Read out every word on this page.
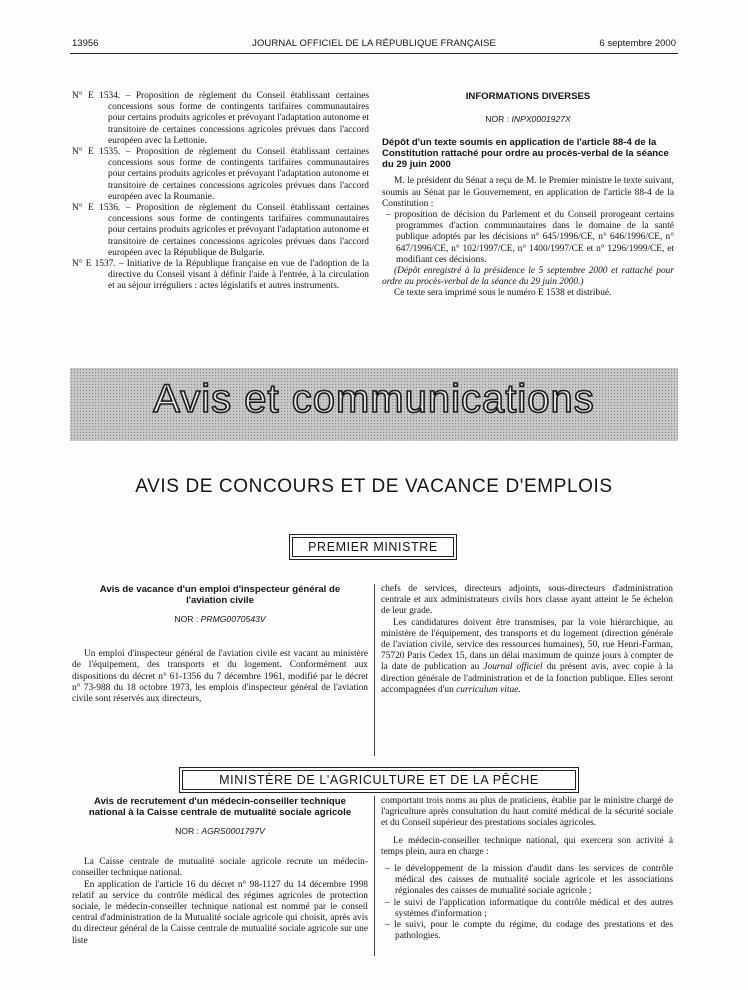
13956	JOURNAL OFFICIEL DE LA RÉPUBLIQUE FRANÇAISE	6 septembre 2000
N° E 1534. – Proposition de règlement du Conseil établissant certaines concessions sous forme de contingents tarifaires communautaires pour certains produits agricoles et prévoyant l'adaptation autonome et transitoire de certaines concessions agricoles prévues dans l'accord européen avec la Lettonie.
N° E 1535. – Proposition de règlement du Conseil établissant certaines concessions sous forme de contingents tarifaires communautaires pour certains produits agricoles et prévoyant l'adaptation autonome et transitoire de certaines concessions agricoles prévues dans l'accord européen avec la Roumanie.
N° E 1536. – Proposition de règlement du Conseil établissant certaines concessions sous forme de contingents tarifaires communautaires pour certains produits agricoles et prévoyant l'adaptation autonome et transitoire de certaines concessions agricoles prévues dans l'accord européen avec la République de Bulgarie.
N° E 1537. – Initiative de la République française en vue de l'adoption de la directive du Conseil visant à définir l'aide à l'entrée, à la circulation et au séjour irréguliers : actes législatifs et autres instruments.
INFORMATIONS DIVERSES
NOR : INPX0001927X
Dépôt d'un texte soumis en application de l'article 88-4 de la Constitution rattaché pour ordre au procès-verbal de la séance du 29 juin 2000
M. le président du Sénat a reçu de M. le Premier ministre le texte suivant, soumis au Sénat par le Gouvernement, en application de l'article 88-4 de la Constitution :
– proposition de décision du Parlement et du Conseil prorogeant certains programmes d'action communautaires dans le domaine de la santé publique adoptés par les décisions n° 645/1996/CE, n° 646/1996/CE, n° 647/1996/CE, n° 102/1997/CE, n° 1400/1997/CE et n° 1296/1999/CE, et modifiant ces décisions.
(Dépôt enregistré à la présidence le 5 septembre 2000 et rattaché pour ordre au procès-verbal de la séance du 29 juin 2000.)
Ce texte sera imprimé sous le numéro E 1538 et distribué.
Avis et communications
AVIS DE CONCOURS ET DE VACANCE D'EMPLOIS
PREMIER MINISTRE
Avis de vacance d'un emploi d'inspecteur général de l'aviation civile
NOR : PRMG0070543V
Un emploi d'inspecteur général de l'aviation civile est vacant au ministère de l'équipement, des transports et du logement. Conformément aux dispositions du décret n° 61-1356 du 7 décembre 1961, modifié par le décret n° 73-988 du 18 octobre 1973, les emplois d'inspecteur général de l'aviation civile sont réservés aux directeurs,
chefs de services, directeurs adjoints, sous-directeurs d'administration centrale et aux administrateurs civils hors classe ayant atteint le 5e échelon de leur grade.
Les candidatures doivent être transmises, par la voie hiérarchique, au ministère de l'équipement, des transports et du logement (direction générale de l'aviation civile, service des ressources humaines), 50, rue Henri-Farman, 75720 Paris Cedex 15, dans un délai maximum de quinze jours à compter de la date de publication au Journal officiel du présent avis, avec copie à la direction générale de l'administration et de la fonction publique. Elles seront accompagnées d'un curriculum vitae.
MINISTÈRE DE L'AGRICULTURE ET DE LA PÊCHE
Avis de recrutement d'un médecin-conseiller technique national à la Caisse centrale de mutualité sociale agricole
NOR : AGRS0001797V
La Caisse centrale de mutualité sociale agricole recrute un médecin-conseiller technique national.
En application de l'article 16 du décret n° 98-1127 du 14 décembre 1998 relatif au service du contrôle médical des régimes agricoles de protection sociale, le médecin-conseiller technique national est nommé par le conseil central d'administration de la Mutualité sociale agricole qui choisit, après avis du directeur général de la Caisse centrale de mutualité sociale agricole sur une liste
comportant trois noms au plus de praticiens, établie par le ministre chargé de l'agriculture après consultation du haut comité médical de la sécurité sociale et du Conseil supérieur des prestations sociales agricoles.
Le médecin-conseiller technique national, qui exercera son activité à temps plein, aura en charge :
– le développement de la mission d'audit dans les services de contrôle médical des caisses de mutualité sociale agricole et les associations régionales des caisses de mutualité sociale agricole ;
– le suivi de l'application informatique du contrôle médical et des autres systèmes d'information ;
– le suivi, pour le compte du régime, du codage des prestations et des pathologies.
